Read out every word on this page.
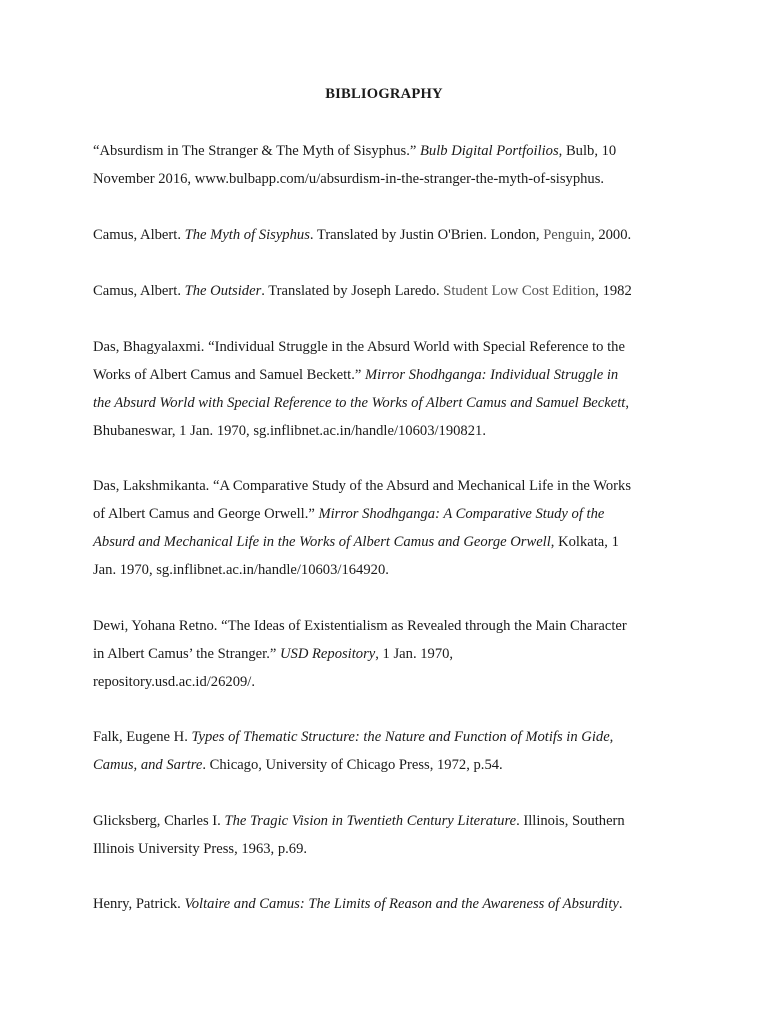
BIBLIOGRAPHY
“Absurdism in The Stranger & The Myth of Sisyphus.” Bulb Digital Portfoilios, Bulb, 10
November 2016, www.bulbapp.com/u/absurdism-in-the-stranger-the-myth-of-sisyphus.
Camus, Albert. The Myth of Sisyphus. Translated by Justin O'Brien. London, Penguin, 2000.
Camus, Albert. The Outsider. Translated by Joseph Laredo. Student Low Cost Edition, 1982
Das, Bhagyalaxmi. “Individual Struggle in the Absurd World with Special Reference to the
Works of Albert Camus and Samuel Beckett.” Mirror Shodhganga: Individual Struggle in
the Absurd World with Special Reference to the Works of Albert Camus and Samuel Beckett,
Bhubaneswar, 1 Jan. 1970, sg.inflibnet.ac.in/handle/10603/190821.
Das, Lakshmikanta. “A Comparative Study of the Absurd and Mechanical Life in the Works
of Albert Camus and George Orwell.” Mirror Shodhganga: A Comparative Study of the
Absurd and Mechanical Life in the Works of Albert Camus and George Orwell, Kolkata, 1
Jan. 1970, sg.inflibnet.ac.in/handle/10603/164920.
Dewi, Yohana Retno. “The Ideas of Existentialism as Revealed through the Main Character
in Albert Camus’ the Stranger.” USD Repository, 1 Jan. 1970,
repository.usd.ac.id/26209/.
Falk, Eugene H. Types of Thematic Structure: the Nature and Function of Motifs in Gide,
Camus, and Sartre. Chicago, University of Chicago Press, 1972, p.54.
Glicksberg, Charles I. The Tragic Vision in Twentieth Century Literature. Illinois, Southern
Illinois University Press, 1963, p.69.
Henry, Patrick. Voltaire and Camus: The Limits of Reason and the Awareness of Absurdity.
